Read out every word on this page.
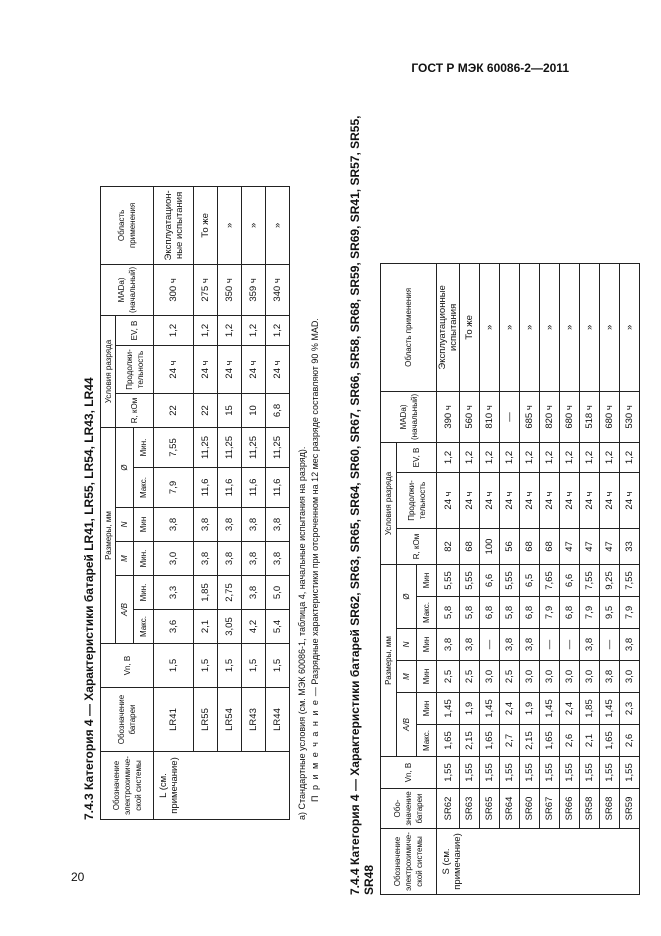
ГОСТ Р МЭК 60086-2—2011
20
7.4.3 Категория 4 — Характеристики батарей LR41, LR55, LR54, LR43, LR44 Обозначение электрохимиче-ской системы	Обозначение батареи	Vn, В	Размеры, мм						Условия разряда			MADа)(начальный)	Область применения
			A/B		M	N	Ø		R, кОм	Продолжи-тельность	EV, В		
			Макс.	Мин.	Мин.	Мин	Макс.	Мин.					
L (см. примечание)	LR41	1,5	3,6	3,3	3,0	3,8	7,9	7,55	22	24 ч	1,2	300 ч	Эксплуатацион-ные испытания
	LR55	1,5	2,1	1,85	3,8	3,8	11,6	11,25	22	24 ч	1,2	275 ч	То же
	LR54	1,5	3,05	2,75	3,8	3,8	11,6	11,25	15	24 ч	1,2	350 ч	»
	LR43	1,5	4,2	3,8	3,8	3,8	11,6	11,25	10	24 ч	1,2	359 ч	»
	LR44	1,5	5,4	5,0	3,8	3,8	11,6	11,25	6,8	24 ч	1,2	340 ч	»
а) Стандартные условия (см. МЭК 60086-1, таблица 4, начальные испытания на разряд). П р и м е ч а н и е — Разрядные характеристики при отсроченном на 12 мес разряде составляют 90 % MAD. 7.4.4 Категория 4 — Характеристики батарей SR62, SR63, SR65, SR64, SR60, SR67, SR66, SR58, SR68, SR59, SR69, SR41, SR57, SR55, SR48 Обозначение электрохимиче-ской системы	Обо-значение батареи	Vn, В	Размеры, мм						Условия разряда			MADа)(начальный)	Область применения
			A/B		M	N	Ø		R, кОм	Продолжи-тельность	EV, В		
			Макс.	Мин	Мин	Мин	Макс.	Мин					
S (см. примечание)	SR62	1,55	1,65	1,45	2,5	3,8	5,8	5,55	82	24 ч	1,2	390 ч	Эксплуатационные испытания
	SR63	1,55	2,15	1,9	2,5	3,8	5,8	5,55	68	24 ч	1,2	560 ч	То же
	SR65	1,55	1,65	1,45	3,0	—	6,8	6,6	100	24 ч	1,2	810 ч	»
	SR64	1,55	2,7	2,4	2,5	3,8	5,8	5,55	56	24 ч	1,2	—	»
	SR60	1,55	2,15	1,9	3,0	3,8	6,8	6,5	68	24 ч	1,2	685 ч	»
	SR67	1,55	1,65	1,45	3,0	—	7,9	7,65	68	24 ч	1,2	820 ч	»
	SR66	1,55	2,6	2,4	3,0	—	6,8	6,6	47	24 ч	1,2	680 ч	»
	SR58	1,55	2,1	1,85	3,0	3,8	7,9	7,55	47	24 ч	1,2	518 ч	»
	SR68	1,55	1,65	1,45	3,8	—	9,5	9,25	47	24 ч	1,2	680 ч	»
	SR59	1,55	2,6	2,3	3,0	3,8	7,9	7,55	33	24 ч	1,2	530 ч	»
